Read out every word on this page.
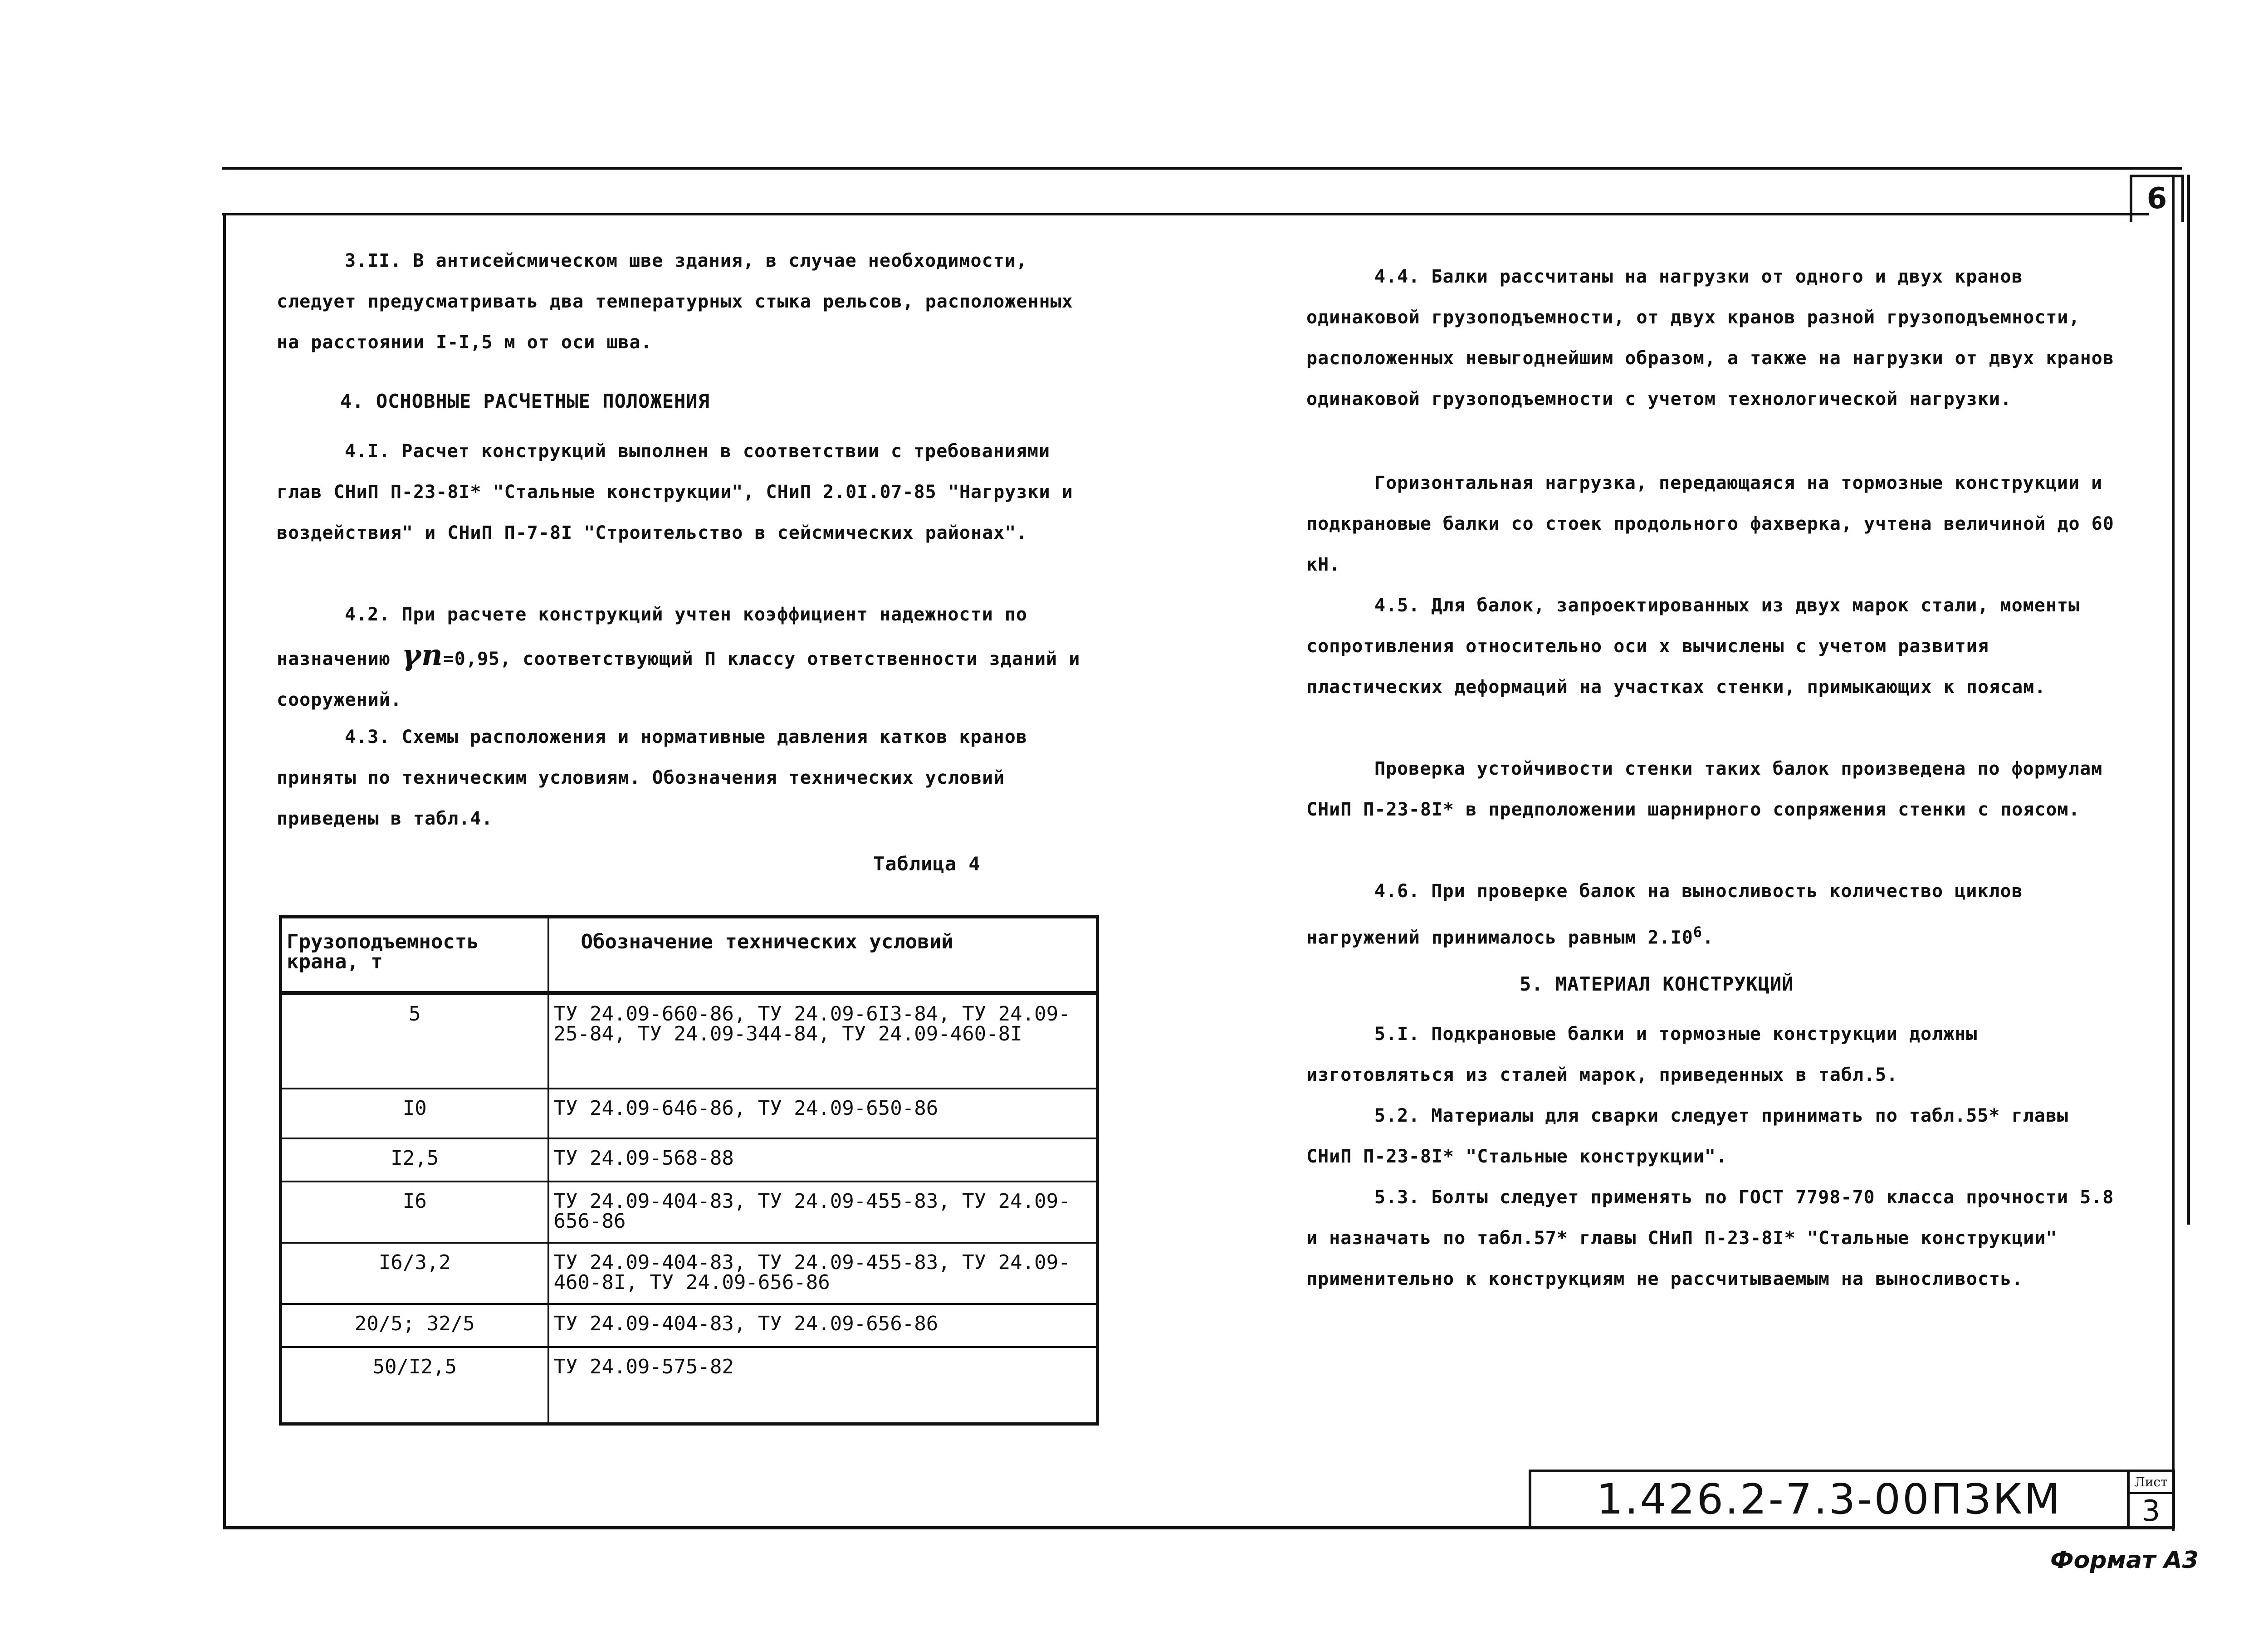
6
3.II. В антисейсмическом шве здания, в случае необходимости, следует предусматривать два температурных стыка рельсов, расположенных на расстоянии I-I,5 м от оси шва.
4. ОСНОВНЫЕ РАСЧЕТНЫЕ ПОЛОЖЕНИЯ
4.I. Расчет конструкций выполнен в соответствии с требованиями глав СНиП П-23-8I* "Стальные конструкции", СНиП 2.0I.07-85 "Нагрузки и воздействия" и СНиП П-7-8I "Строительство в сейсмических районах".
4.2. При расчете конструкций учтен коэффициент надежности по назначению γn=0,95, соответствующий П классу ответственности зданий и сооружений.
4.3. Схемы расположения и нормативные давления катков кранов приняты по техническим условиям. Обозначения технических условий приведены в табл.4.
Таблица 4
Грузоподъемность крана, т	Обозначение технических условий
5	ТУ 24.09-660-86, ТУ 24.09-6I3-84, ТУ 24.09-25-84, ТУ 24.09-344-84, ТУ 24.09-460-8I
I0	ТУ 24.09-646-86, ТУ 24.09-650-86
I2,5	ТУ 24.09-568-88
I6	ТУ 24.09-404-83, ТУ 24.09-455-83, ТУ 24.09-656-86
I6/3,2	ТУ 24.09-404-83, ТУ 24.09-455-83, ТУ 24.09-460-8I, ТУ 24.09-656-86
20/5; 32/5	ТУ 24.09-404-83, ТУ 24.09-656-86
50/I2,5	ТУ 24.09-575-82
4.4. Балки рассчитаны на нагрузки от одного и двух кранов одинаковой грузоподъемности, от двух кранов разной грузоподъемности, расположенных невыгоднейшим образом, а также на нагрузки от двух кранов одинаковой грузоподъемности с учетом технологической нагрузки.
Горизонтальная нагрузка, передающаяся на тормозные конструкции и подкрановые балки со стоек продольного фахверка, учтена величиной до 60 кН.
4.5. Для балок, запроектированных из двух марок стали, моменты сопротивления относительно оси x вычислены с учетом развития пластических деформаций на участках стенки, примыкающих к поясам.
Проверка устойчивости стенки таких балок произведена по формулам СНиП П-23-8I* в предположении шарнирного сопряжения стенки с поясом.
4.6. При проверке балок на выносливость количество циклов нагружений принималось равным $2.I0^6$.
5. МАТЕРИАЛ КОНСТРУКЦИЙ
5.I. Подкрановые балки и тормозные конструкции должны изготовляться из сталей марок, приведенных в табл.5.
5.2. Материалы для сварки следует принимать по табл.55* главы СНиП П-23-8I* "Стальные конструкции".
5.3. Болты следует применять по ГОСТ 7798-70 класса прочности 5.8 и назначать по табл.57* главы СНиП П-23-8I* "Стальные конструкции" применительно к конструкциям не рассчитываемым на выносливость.
1.426.2-7.3-00ПЗКМ	Лист
3
Формат А3
